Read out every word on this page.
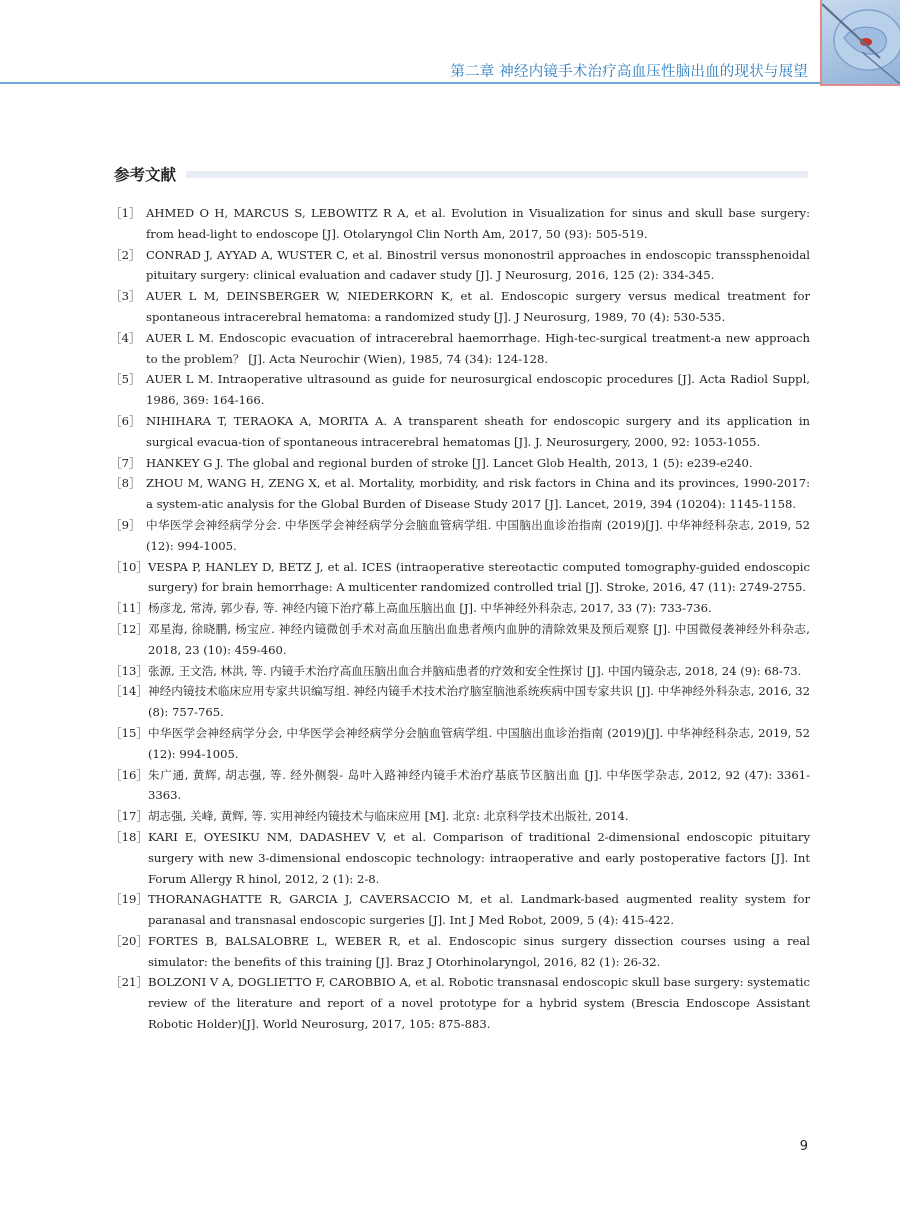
第二章 神经内镜手术治疗高血压性脑出血的现状与展望
参考文献
［1］ AHMED O H, MARCUS S, LEBOWITZ R A, et al. Evolution in Visualization for sinus and skull base surgery: from head-light to endoscope [J]. Otolaryngol Clin North Am, 2017, 50 (93): 505-519.
［2］ CONRAD J, AYYAD A, WUSTER C, et al. Binostril versus mononostril approaches in endoscopic transsphenoidal pituitary surgery: clinical evaluation and cadaver study [J]. J Neurosurg, 2016, 125 (2): 334-345.
［3］ AUER L M, DEINSBERGER W, NIEDERKORN K, et al. Endoscopic surgery versus medical treatment for spontaneous intracerebral hematoma: a randomized study [J]. J Neurosurg, 1989, 70 (4): 530-535.
［4］ AUER L M. Endoscopic evacuation of intracerebral haemorrhage. High-tec-surgical treatment-a new approach to the problem？ [J]. Acta Neurochir (Wien), 1985, 74 (34): 124-128.
［5］ AUER L M. Intraoperative ultrasound as guide for neurosurgical endoscopic procedures [J]. Acta Radiol Suppl, 1986, 369: 164-166.
［6］ NIHIHARA T, TERAOKA A, MORITA A. A transparent sheath for endoscopic surgery and its application in surgical evacua-tion of spontaneous intracerebral hematomas [J]. J. Neurosurgery, 2000, 92: 1053-1055.
［7］ HANKEY G J. The global and regional burden of stroke [J]. Lancet Glob Health, 2013, 1 (5): e239-e240.
［8］ ZHOU M, WANG H, ZENG X, et al. Mortality, morbidity, and risk factors in China and its provinces, 1990-2017: a system-atic analysis for the Global Burden of Disease Study 2017 [J]. Lancet, 2019, 394 (10204): 1145-1158.
［9］ 中华医学会神经病学分会. 中华医学会神经病学分会脑血管病学组. 中国脑出血诊治指南 (2019)[J]. 中华神经科杂志, 2019, 52 (12): 994-1005.
［10］ VESPA P, HANLEY D, BETZ J, et al. ICES (intraoperative stereotactic computed tomography-guided endoscopic surgery) for brain hemorrhage: A multicenter randomized controlled trial [J]. Stroke, 2016, 47 (11): 2749-2755.
［11］ 杨彦龙, 常涛, 郭少春, 等. 神经内镜下治疗幕上高血压脑出血 [J]. 中华神经外科杂志, 2017, 33 (7): 733-736.
［12］ 邓星海, 徐晓鹏, 杨宝应. 神经内镜微创手术对高血压脑出血患者颅内血肿的清除效果及预后观察 [J]. 中国微侵袭神经外科杂志, 2018, 23 (10): 459-460.
［13］ 张源, 王文浩, 林洪, 等. 内镜手术治疗高血压脑出血合并脑疝患者的疗效和安全性探讨 [J]. 中国内镜杂志, 2018, 24 (9): 68-73.
［14］ 神经内镜技术临床应用专家共识编写组. 神经内镜手术技术治疗脑室脑池系统疾病中国专家共识 [J]. 中华神经外科杂志, 2016, 32 (8): 757-765.
［15］ 中华医学会神经病学分会, 中华医学会神经病学分会脑血管病学组. 中国脑出血诊治指南 (2019)[J]. 中华神经科杂志, 2019, 52 (12): 994-1005.
［16］ 朱广通, 黄辉, 胡志强, 等. 经外侧裂- 岛叶入路神经内镜手术治疗基底节区脑出血 [J]. 中华医学杂志, 2012, 92 (47): 3361-3363.
［17］ 胡志强, 关峰, 黄辉, 等. 实用神经内镜技术与临床应用 [M]. 北京: 北京科学技术出版社, 2014.
［18］ KARI E, OYESIKU NM, DADASHEV V, et al. Comparison of traditional 2-dimensional endoscopic pituitary surgery with new 3-dimensional endoscopic technology: intraoperative and early postoperative factors [J]. Int Forum Allergy R hinol, 2012, 2 (1): 2-8.
［19］ THORANAGHATTE R, GARCIA J, CAVERSACCIO M, et al. Landmark-based augmented reality system for paranasal and transnasal endoscopic surgeries [J]. Int J Med Robot, 2009, 5 (4): 415-422.
［20］ FORTES B, BALSALOBRE L, WEBER R, et al. Endoscopic sinus surgery dissection courses using a real simulator: the benefits of this training [J]. Braz J Otorhinolaryngol, 2016, 82 (1): 26-32.
［21］ BOLZONI V A, DOGLIETTO F, CAROBBIO A, et al. Robotic transnasal endoscopic skull base surgery: systematic review of the literature and report of a novel prototype for a hybrid system (Brescia Endoscope Assistant Robotic Holder)[J]. World Neurosurg, 2017, 105: 875-883.
9
